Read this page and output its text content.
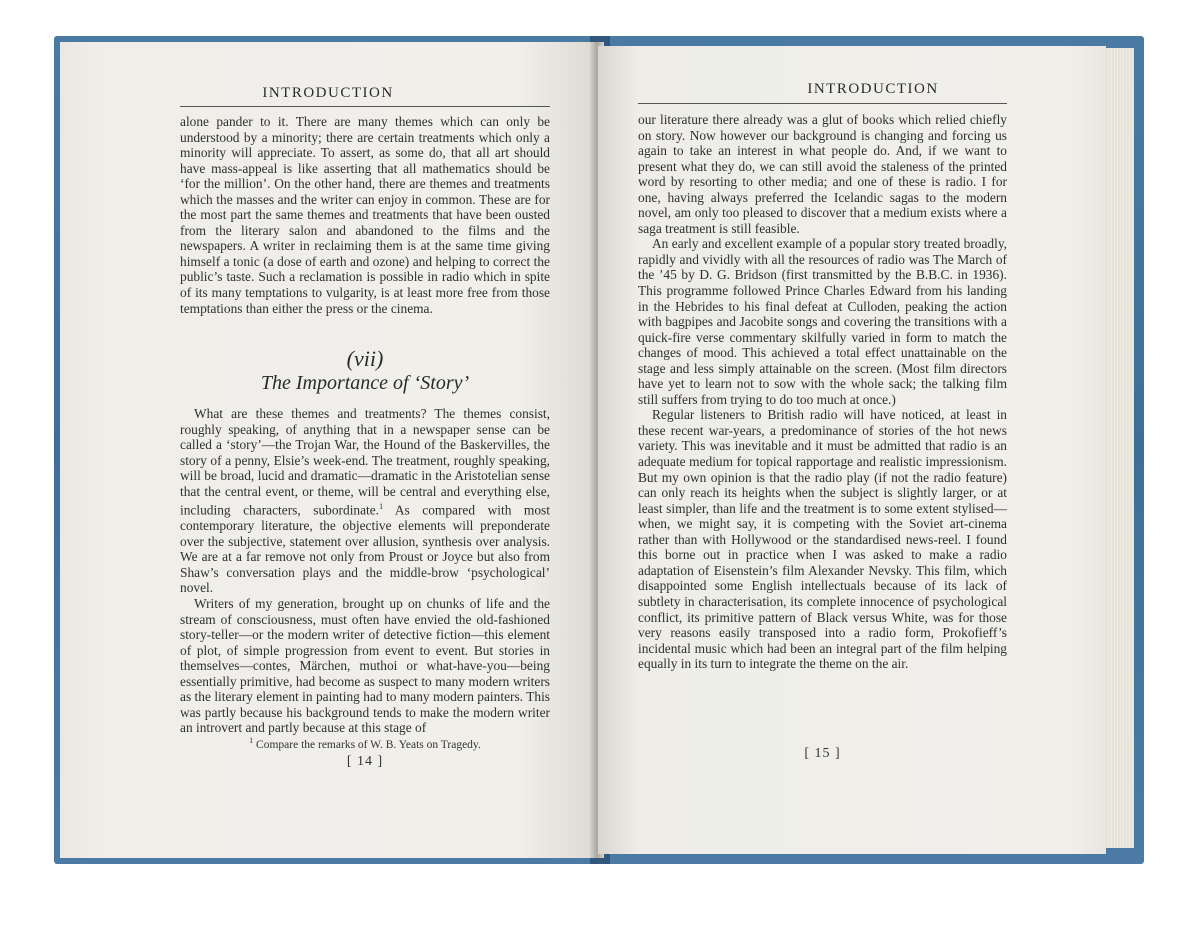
INTRODUCTION

alone pander to it. There are many themes which can only be understood by a minority; there are certain treatments which only a minority will appreciate. To assert, as some do, that all art should have mass-appeal is like asserting that all mathematics should be ‘for the million’. On the other hand, there are themes and treatments which the masses and the writer can enjoy in common. These are for the most part the same themes and treatments that have been ousted from the literary salon and abandoned to the films and the newspapers. A writer in reclaiming them is at the same time giving himself a tonic (a dose of earth and ozone) and helping to correct the public’s taste. Such a reclamation is possible in radio which in spite of its many temptations to vulgarity, is at least more free from those temptations than either the press or the cinema.

(vii)
The Importance of ‘Story’

What are these themes and treatments? The themes consist, roughly speaking, of anything that in a newspaper sense can be called a ‘story’—the Trojan War, the Hound of the Baskervilles, the story of a penny, Elsie’s week-end. The treatment, roughly speaking, will be broad, lucid and dramatic—dramatic in the Aristotelian sense that the central event, or theme, will be central and everything else, including characters, subordinate.$^1$ As compared with most contemporary literature, the objective elements will preponderate over the subjective, statement over allusion, synthesis over analysis. We are at a far remove not only from Proust or Joyce but also from Shaw’s conversation plays and the middle-brow ‘psychological’ novel.

Writers of my generation, brought up on chunks of life and the stream of consciousness, must often have envied the old-fashioned story-teller—or the modern writer of detective fiction—this element of plot, of simple progression from event to event. But stories in themselves—contes, Märchen, muthoi or what-have-you—being essentially primitive, had become as suspect to many modern writers as the literary element in painting had to many modern painters. This was partly because his background tends to make the modern writer an introvert and partly because at this stage of

$^1$ Compare the remarks of W. B. Yeats on Tragedy.
[ 14 ]
INTRODUCTION

our literature there already was a glut of books which relied chiefly on story. Now however our background is changing and forcing us again to take an interest in what people do. And, if we want to present what they do, we can still avoid the staleness of the printed word by resorting to other media; and one of these is radio. I for one, having always preferred the Icelandic sagas to the modern novel, am only too pleased to discover that a medium exists where a saga treatment is still feasible.

An early and excellent example of a popular story treated broadly, rapidly and vividly with all the resources of radio was The March of the ’45 by D. G. Bridson (first transmitted by the B.B.C. in 1936). This programme followed Prince Charles Edward from his landing in the Hebrides to his final defeat at Culloden, peaking the action with bagpipes and Jacobite songs and covering the transitions with a quick-fire verse commentary skilfully varied in form to match the changes of mood. This achieved a total effect unattainable on the stage and less simply attainable on the screen. (Most film directors have yet to learn not to sow with the whole sack; the talking film still suffers from trying to do too much at once.)

Regular listeners to British radio will have noticed, at least in these recent war-years, a predominance of stories of the hot news variety. This was inevitable and it must be admitted that radio is an adequate medium for topical rapportage and realistic impressionism. But my own opinion is that the radio play (if not the radio feature) can only reach its heights when the subject is slightly larger, or at least simpler, than life and the treatment is to some extent stylised—when, we might say, it is competing with the Soviet art-cinema rather than with Hollywood or the standardised news-reel. I found this borne out in practice when I was asked to make a radio adaptation of Eisenstein’s film Alexander Nevsky. This film, which disappointed some English intellectuals because of its lack of subtlety in characterisation, its complete innocence of psychological conflict, its primitive pattern of Black versus White, was for those very reasons easily transposed into a radio form, Prokofieff’s incidental music which had been an integral part of the film helping equally in its turn to integrate the theme on the air.

[ 15 ]
